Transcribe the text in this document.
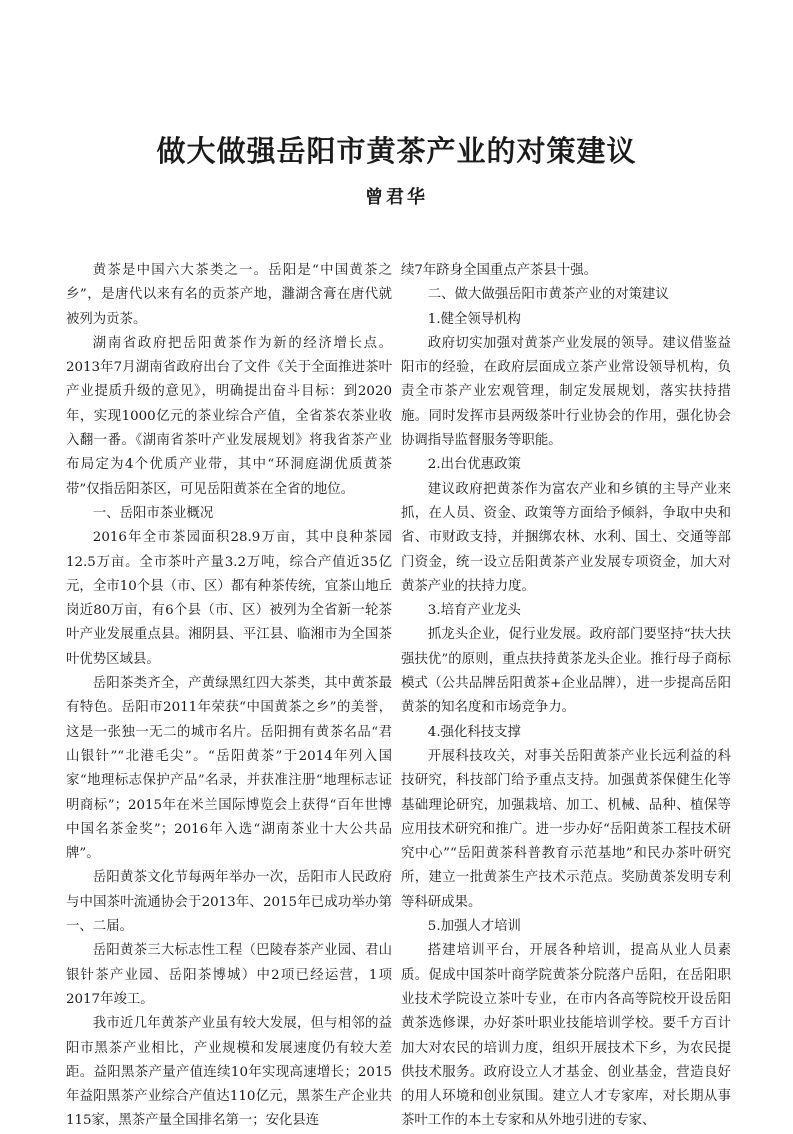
做大做强岳阳市黄茶产业的对策建议
曾君华

黄茶是中国六大茶类之一。岳阳是“中国黄茶之乡”，是唐代以来有名的贡茶产地，灉湖含膏在唐代就被列为贡茶。

湖南省政府把岳阳黄茶作为新的经济增长点。2013年7月湖南省政府出台了文件《关于全面推进茶叶产业提质升级的意见》，明确提出奋斗目标：到2020年，实现1000亿元的茶业综合产值，全省茶农茶业收入翻一番。《湖南省茶叶产业发展规划》将我省茶产业布局定为4个优质产业带，其中“环洞庭湖优质黄茶带”仅指岳阳茶区，可见岳阳黄茶在全省的地位。

一、岳阳市茶业概况

2016年全市茶园面积28.9万亩，其中良种茶园12.5万亩。全市茶叶产量3.2万吨，综合产值近35亿元，全市10个县（市、区）都有种茶传统，宜茶山地丘岗近80万亩，有6个县（市、区）被列为全省新一轮茶叶产业发展重点县。湘阴县、平江县、临湘市为全国茶叶优势区域县。

岳阳茶类齐全，产黄绿黑红四大茶类，其中黄茶最有特色。岳阳市2011年荣获“中国黄茶之乡”的美誉，这是一张独一无二的城市名片。岳阳拥有黄茶名品“君山银针”“北港毛尖”。“岳阳黄茶”于2014年列入国家“地理标志保护产品”名录，并获准注册“地理标志证明商标”；2015年在米兰国际博览会上获得“百年世博中国名茶金奖”；2016年入选“湖南茶业十大公共品牌”。

岳阳黄茶文化节每两年举办一次，岳阳市人民政府与中国茶叶流通协会于2013年、2015年已成功举办第一、二届。

岳阳黄茶三大标志性工程（巴陵春茶产业园、君山银针茶产业园、岳阳茶博城）中2项已经运营，1项2017年竣工。

我市近几年黄茶产业虽有较大发展，但与相邻的益阳市黑茶产业相比，产业规模和发展速度仍有较大差距。益阳黑茶产量产值连续10年实现高速增长；2015年益阳黑茶产业综合产值达110亿元，黑茶生产企业共115家，黑茶产量全国排名第一；安化县连

续7年跻身全国重点产茶县十强。

二、做大做强岳阳市黄茶产业的对策建议

1.健全领导机构

政府切实加强对黄茶产业发展的领导。建议借鉴益阳市的经验，在政府层面成立茶产业常设领导机构，负责全市茶产业宏观管理，制定发展规划，落实扶持措施。同时发挥市县两级茶叶行业协会的作用，强化协会协调指导监督服务等职能。

2.出台优惠政策

建议政府把黄茶作为富农产业和乡镇的主导产业来抓，在人员、资金、政策等方面给予倾斜，争取中央和省、市财政支持，并捆绑农林、水利、国土、交通等部门资金，统一设立岳阳黄茶产业发展专项资金，加大对黄茶产业的扶持力度。

3.培育产业龙头

抓龙头企业，促行业发展。政府部门要坚持“扶大扶强扶优”的原则，重点扶持黄茶龙头企业。推行母子商标模式（公共品牌岳阳黄茶+企业品牌），进一步提高岳阳黄茶的知名度和市场竞争力。

4.强化科技支撑

开展科技攻关，对事关岳阳黄茶产业长远利益的科技研究，科技部门给予重点支持。加强黄茶保健生化等基础理论研究，加强栽培、加工、机械、品种、植保等应用技术研究和推广。进一步办好“岳阳黄茶工程技术研究中心”“岳阳黄茶科普教育示范基地”和民办茶叶研究所，建立一批黄茶生产技术示范点。奖励黄茶发明专利等科研成果。

5.加强人才培训

搭建培训平台，开展各种培训，提高从业人员素质。促成中国茶叶商学院黄茶分院落户岳阳，在岳阳职业技术学院设立茶叶专业，在市内各高等院校开设岳阳黄茶选修课，办好茶叶职业技能培训学校。要千方百计加大对农民的培训力度，组织开展技术下乡，为农民提供技术服务。政府设立人才基金、创业基金，营造良好的用人环境和创业氛围。建立人才专家库，对长期从事茶叶工作的本土专家和从外地引进的专家、
